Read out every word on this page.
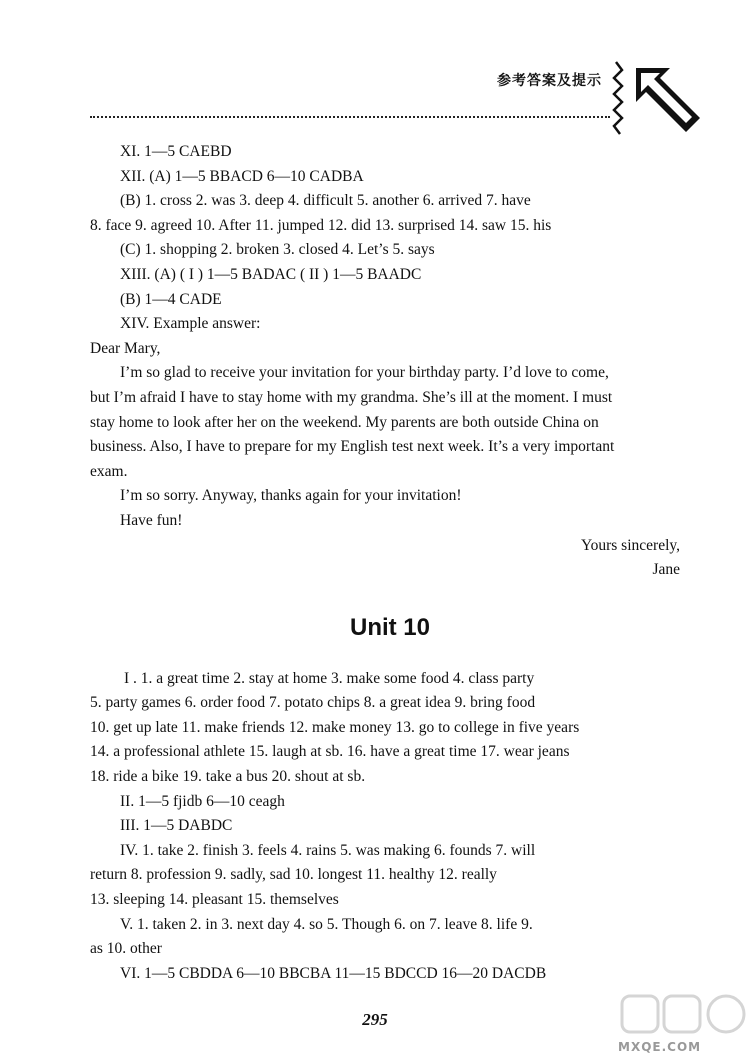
参考答案及提示
XI. 1—5 CAEBD
XII. (A) 1—5 BBACD 6—10 CADBA
(B) 1. cross 2. was 3. deep 4. difficult 5. another 6. arrived 7. have
8. face 9. agreed 10. After 11. jumped 12. did 13. surprised 14. saw 15. his
(C) 1. shopping 2. broken 3. closed 4. Let’s 5. says
XIII. (A) ( I ) 1—5 BADAC ( II ) 1—5 BAADC
(B) 1—4 CADE
XIV. Example answer:
Dear Mary,
I’m so glad to receive your invitation for your birthday party. I’d love to come,
but I’m afraid I have to stay home with my grandma. She’s ill at the moment. I must
stay home to look after her on the weekend. My parents are both outside China on
business. Also, I have to prepare for my English test next week. It’s a very important
exam.
I’m so sorry. Anyway, thanks again for your invitation!
Have fun!
Yours sincerely,
Jane
Unit 10
I . 1. a great time 2. stay at home 3. make some food 4. class party
5. party games 6. order food 7. potato chips 8. a great idea 9. bring food
10. get up late 11. make friends 12. make money 13. go to college in five years
14. a professional athlete 15. laugh at sb. 16. have a great time 17. wear jeans
18. ride a bike 19. take a bus 20. shout at sb.
II. 1—5 fjidb 6—10 ceagh
III. 1—5 DABDC
IV. 1. take 2. finish 3. feels 4. rains 5. was making 6. founds 7. will
return 8. profession 9. sadly, sad 10. longest 11. healthy 12. really
13. sleeping 14. pleasant 15. themselves
V. 1. taken 2. in 3. next day 4. so 5. Though 6. on 7. leave 8. life 9.
as 10. other
VI. 1—5 CBDDA 6—10 BBCBA 11—15 BDCCD 16—20 DACDB
295
MXQE.COM
